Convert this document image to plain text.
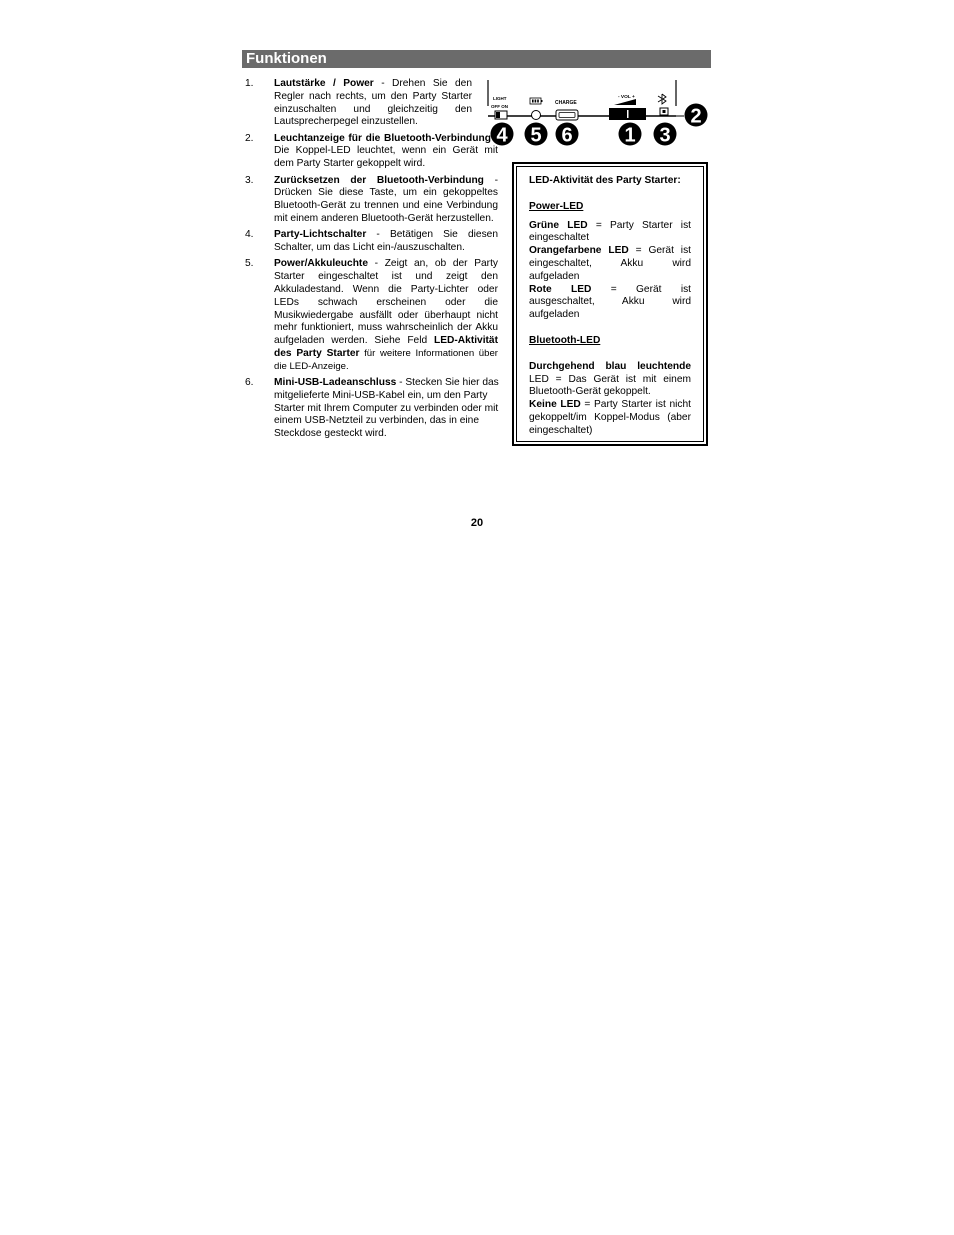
Funktionen
1. Lautstärke / Power - Drehen Sie den Regler nach rechts, um den Party Starter einzuschalten und gleichzeitig den Lautsprecherpegel einzustellen.
2. Leuchtanzeige für die Bluetooth-Verbindung Die Koppel-LED leuchtet, wenn ein Gerät mit dem Party Starter gekoppelt wird.
3. Zurücksetzen der Bluetooth-Verbindung - Drücken Sie diese Taste, um ein gekoppeltes Bluetooth-Gerät zu trennen und eine Verbindung mit einem anderen Bluetooth-Gerät herzustellen.
4. Party-Lichtschalter - Betätigen Sie diesen Schalter, um das Licht ein-/auszuschalten.
5. Power/Akkuleuchte - Zeigt an, ob der Party Starter eingeschaltet ist und zeigt den Akkuladestand. Wenn die Party-Lichter oder LEDs schwach erscheinen oder die Musikwiedergabe ausfällt oder überhaupt nicht mehr funktioniert, muss wahrscheinlich der Akku aufgeladen werden. Siehe Feld LED-Aktivität des Party Starter für weitere Informationen über die LED-Anzeige.
6. Mini-USB-Ladeanschluss - Stecken Sie hier das mitgelieferte Mini-USB-Kabel ein, um den Party Starter mit Ihrem Computer zu verbinden oder mit einem USB-Netzteil zu verbinden, das in eine Steckdose gesteckt wird.
LIGHT
OFF ON
CHARGE
- VOL +
4 5 6	1 3
2
LED-Aktivität des Party Starter:
Power-LED
Grüne LED = Party Starter ist eingeschaltet
Orangefarbene LED = Gerät ist eingeschaltet, Akku wird aufgeladen
Rote LED = Gerät ist ausgeschaltet, Akku wird aufgeladen
Bluetooth-LED
Durchgehend blau leuchtende LED = Das Gerät ist mit einem Bluetooth-Gerät gekoppelt.
Keine LED = Party Starter ist nicht gekoppelt/im Koppel-Modus (aber eingeschaltet)
20
